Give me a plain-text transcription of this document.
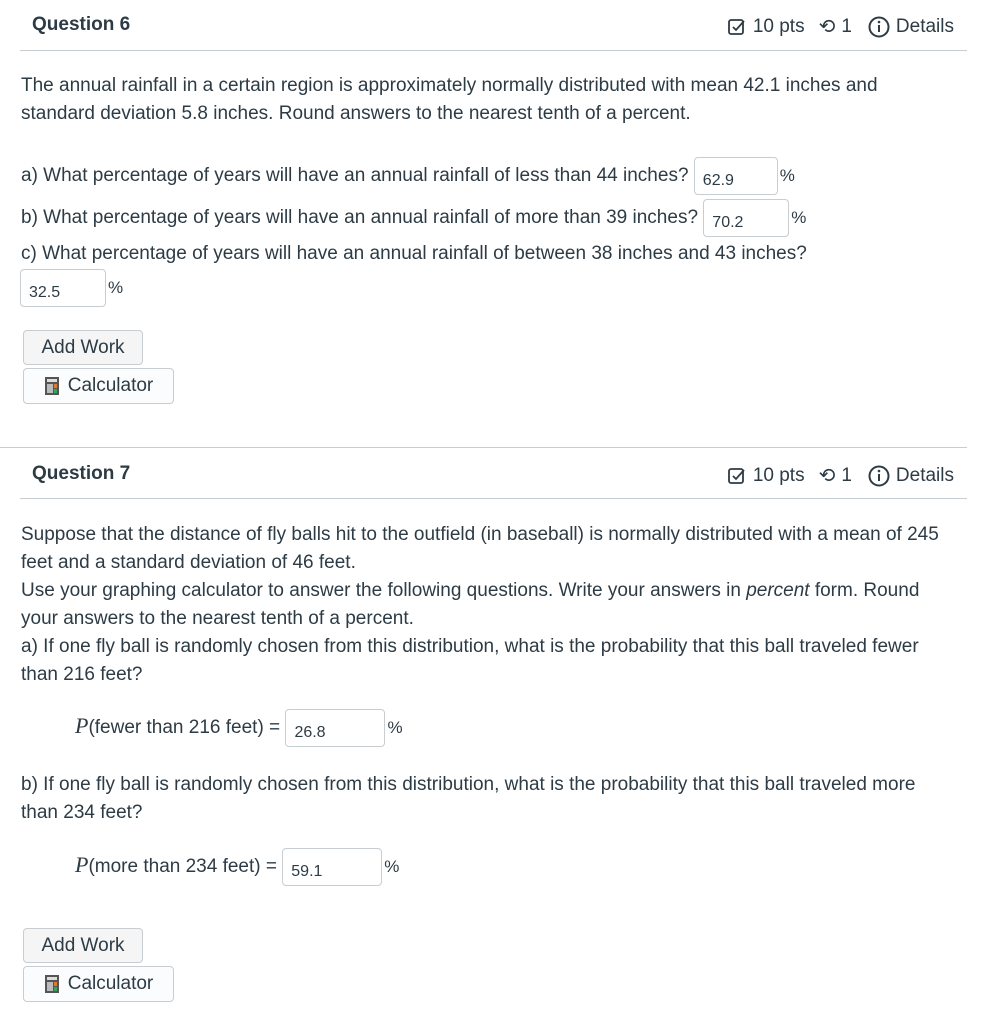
Question 6	10 pts ⟲ 1 Details
The annual rainfall in a certain region is approximately normally distributed with mean 42.1 inches and standard deviation 5.8 inches. Round answers to the nearest tenth of a percent.
a) What percentage of years will have an annual rainfall of less than 44 inches? 62.9	%
b) What percentage of years will have an annual rainfall of more than 39 inches? 70.2	%
c) What percentage of years will have an annual rainfall of between 38 inches and 43 inches?
32.5	%
Add Work
Calculator
Question 7	10 pts ⟲ 1 Details
Suppose that the distance of fly balls hit to the outfield (in baseball) is normally distributed with a mean of 245 feet and a standard deviation of 46 feet.
Use your graphing calculator to answer the following questions. Write your answers in percent form. Round your answers to the nearest tenth of a percent.
a) If one fly ball is randomly chosen from this distribution, what is the probability that this ball traveled fewer than 216 feet?
P(fewer than 216 feet) = 26.8	%
b) If one fly ball is randomly chosen from this distribution, what is the probability that this ball traveled more than 234 feet?
P(more than 234 feet) = 59.1	%
Add Work
Calculator
